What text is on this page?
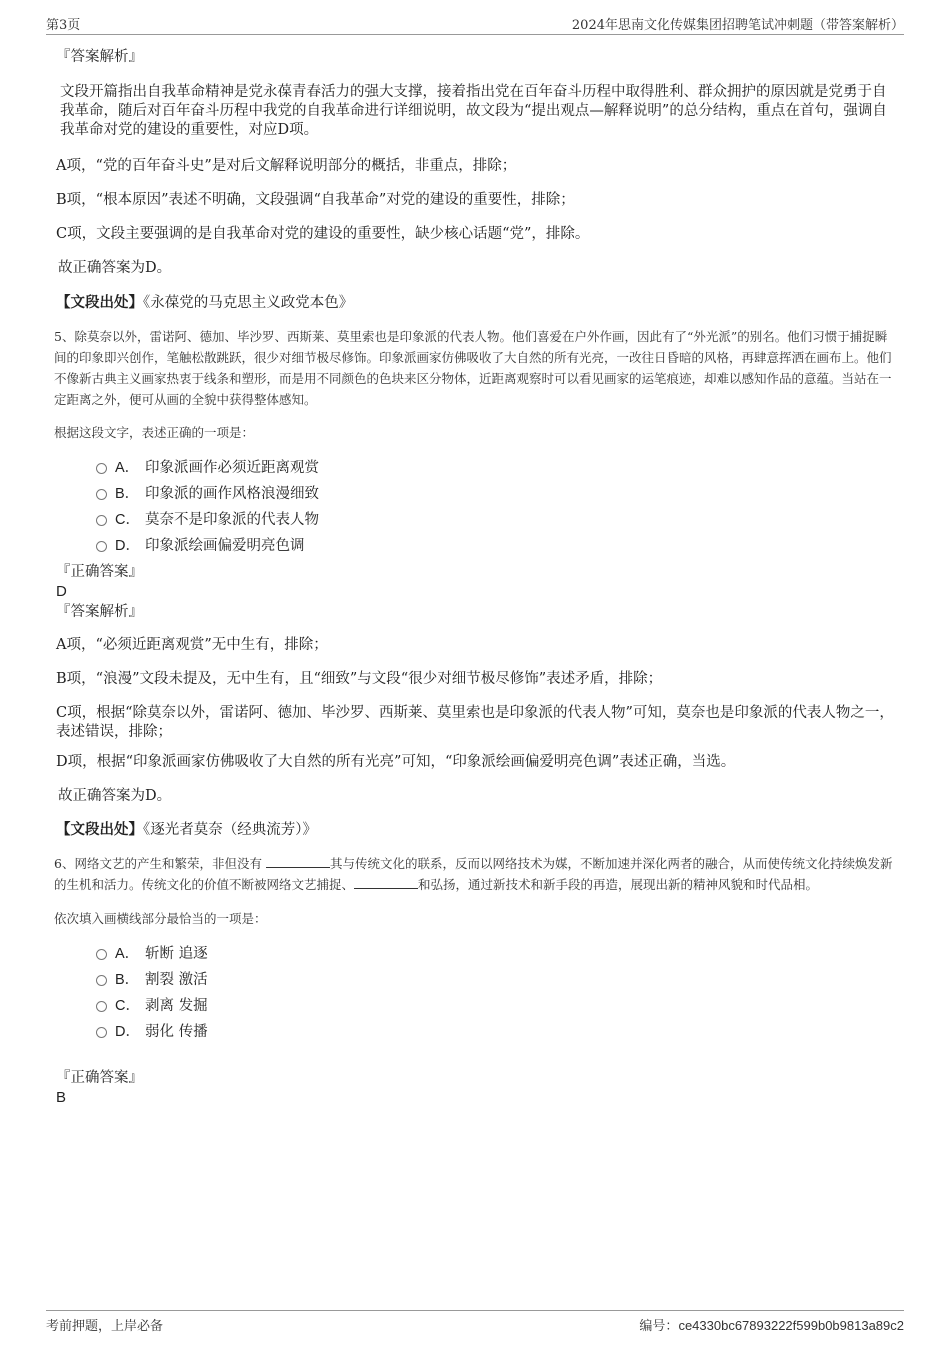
第3页	2024年思南文化传媒集团招聘笔试冲刺题（带答案解析）

『答案解析』

文段开篇指出自我革命精神是党永葆青春活力的强大支撑，接着指出党在百年奋斗历程中取得胜利、群众拥护的原因就是党勇于自我革命，随后对百年奋斗历程中我党的自我革命进行详细说明，故文段为“提出观点—解释说明”的总分结构，重点在首句，强调自我革命对党的建设的重要性，对应D项。

A项，“党的百年奋斗史”是对后文解释说明部分的概括，非重点，排除；

B项，“根本原因”表述不明确，文段强调“自我革命”对党的建设的重要性，排除；

C项，文段主要强调的是自我革命对党的建设的重要性，缺少核心话题“党”，排除。

故正确答案为D。

【文段出处】《永葆党的马克思主义政党本色》

5、除莫奈以外，雷诺阿、德加、毕沙罗、西斯莱、莫里索也是印象派的代表人物。他们喜爱在户外作画，因此有了“外光派”的别名。他们习惯于捕捉瞬间的印象即兴创作，笔触松散跳跃，很少对细节极尽修饰。印象派画家仿佛吸收了大自然的所有光亮，一改往日昏暗的风格，再肆意挥洒在画布上。他们不像新古典主义画家热衷于线条和塑形，而是用不同颜色的色块来区分物体，近距离观察时可以看见画家的运笔痕迹，却难以感知作品的意蕴。当站在一定距离之外，便可从画的全貌中获得整体感知。

根据这段文字，表述正确的一项是：

A． 印象派画作必须近距离观赏
B． 印象派的画作风格浪漫细致
C． 莫奈不是印象派的代表人物
D． 印象派绘画偏爱明亮色调

『正确答案』

D

『答案解析』

A项，“必须近距离观赏”无中生有，排除；

B项，“浪漫”文段未提及，无中生有，且“细致”与文段“很少对细节极尽修饰”表述矛盾，排除；

C项，根据“除莫奈以外，雷诺阿、德加、毕沙罗、西斯莱、莫里索也是印象派的代表人物”可知，莫奈也是印象派的代表人物之一，表述错误，排除；

D项，根据“印象派画家仿佛吸收了大自然的所有光亮”可知，“印象派绘画偏爱明亮色调”表述正确，当选。

故正确答案为D。

【文段出处】《逐光者莫奈（经典流芳）》

6、网络文艺的产生和繁荣，非但没有	其与传统文化的联系，反而以网络技术为媒，不断加速并深化两者的融合，从而使传统文化持续焕发新的生机和活力。传统文化的价值不断被网络文艺捕捉、	和弘扬，通过新技术和新手段的再造，展现出新的精神风貌和时代品相。

依次填入画横线部分最恰当的一项是：

A． 斩断 追逐
B． 割裂 激活
C． 剥离 发掘
D． 弱化 传播

『正确答案』

B

考前押题，上岸必备	编号：ce4330bc67893222f599b0b9813a89c2
